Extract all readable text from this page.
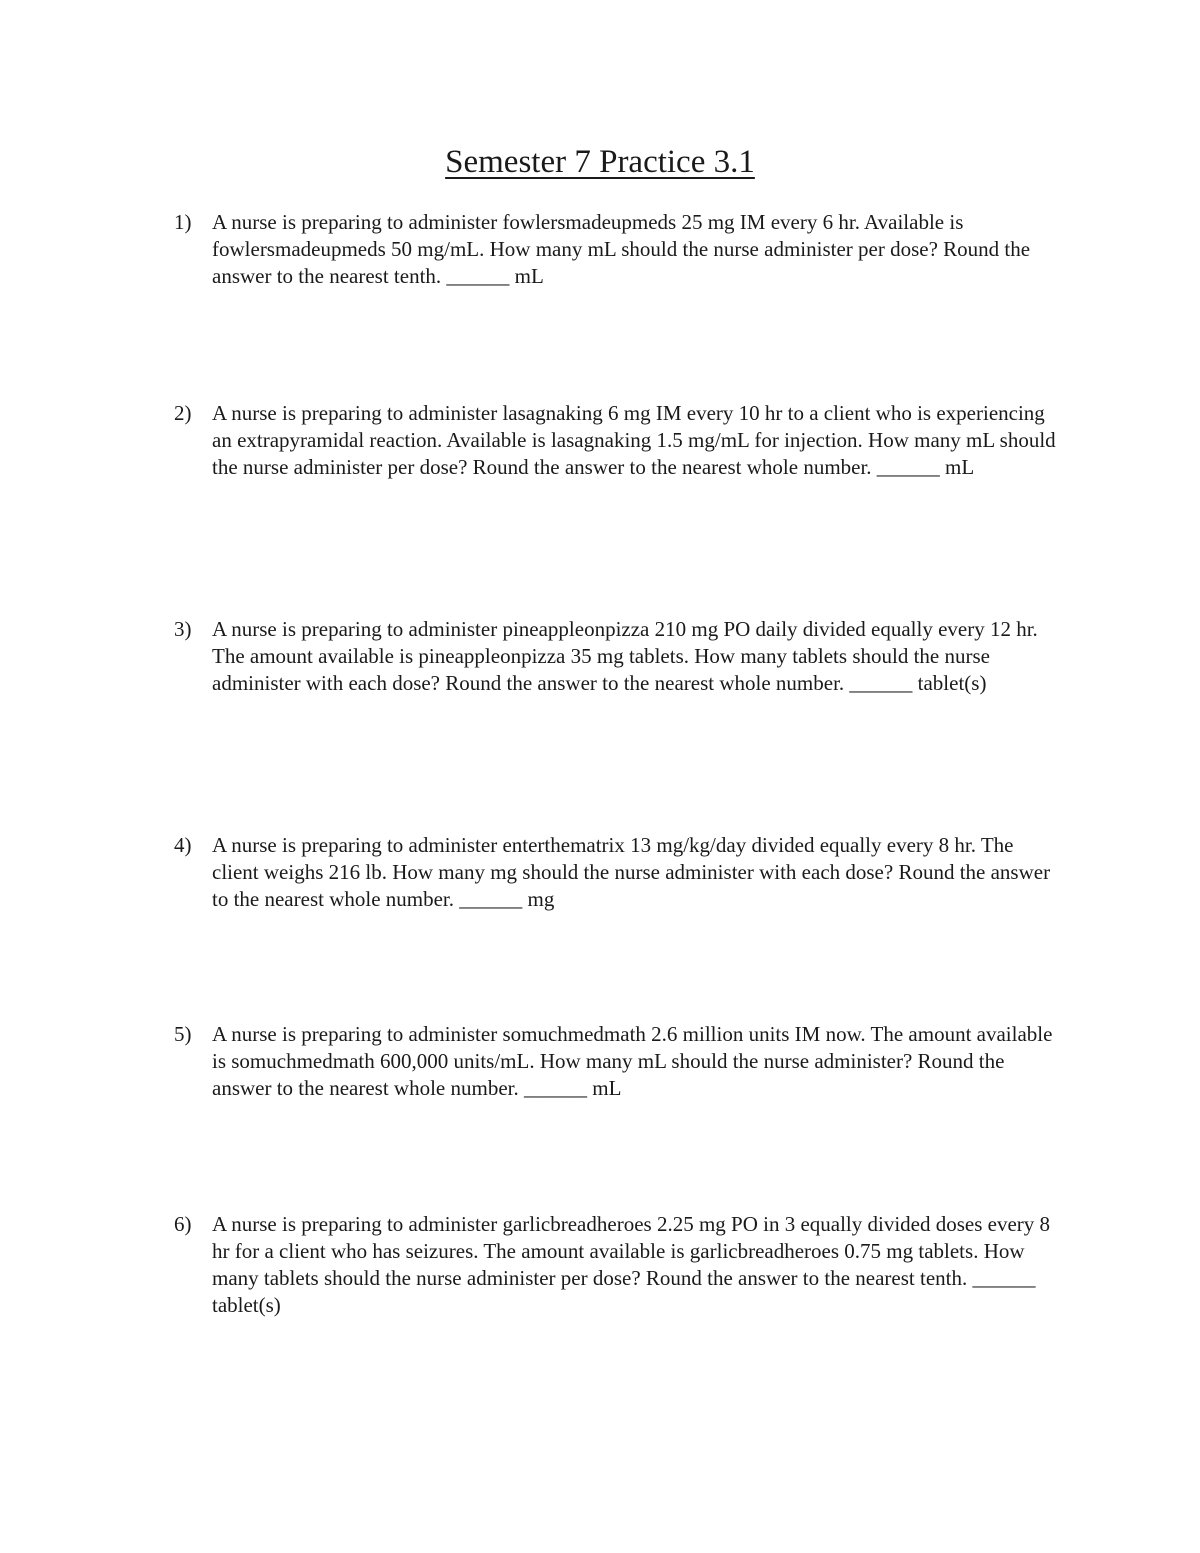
Semester 7 Practice 3.1
1) A nurse is preparing to administer fowlersmadeupmeds 25 mg IM every 6 hr. Available is fowlersmadeupmeds 50 mg/mL. How many mL should the nurse administer per dose? Round the answer to the nearest tenth. ______ mL
2) A nurse is preparing to administer lasagnaking 6 mg IM every 10 hr to a client who is experiencing an extrapyramidal reaction. Available is lasagnaking 1.5 mg/mL for injection. How many mL should the nurse administer per dose? Round the answer to the nearest whole number. ______ mL
3) A nurse is preparing to administer pineappleonpizza 210 mg PO daily divided equally every 12 hr. The amount available is pineappleonpizza 35 mg tablets. How many tablets should the nurse administer with each dose? Round the answer to the nearest whole number. ______ tablet(s)
4) A nurse is preparing to administer enterthematrix 13 mg/kg/day divided equally every 8 hr. The client weighs 216 lb. How many mg should the nurse administer with each dose? Round the answer to the nearest whole number. ______ mg
5) A nurse is preparing to administer somuchmedmath 2.6 million units IM now. The amount available is somuchmedmath 600,000 units/mL. How many mL should the nurse administer? Round the answer to the nearest whole number. ______ mL
6) A nurse is preparing to administer garlicbreadheroes 2.25 mg PO in 3 equally divided doses every 8 hr for a client who has seizures. The amount available is garlicbreadheroes 0.75 mg tablets. How many tablets should the nurse administer per dose? Round the answer to the nearest tenth. ______ tablet(s)
